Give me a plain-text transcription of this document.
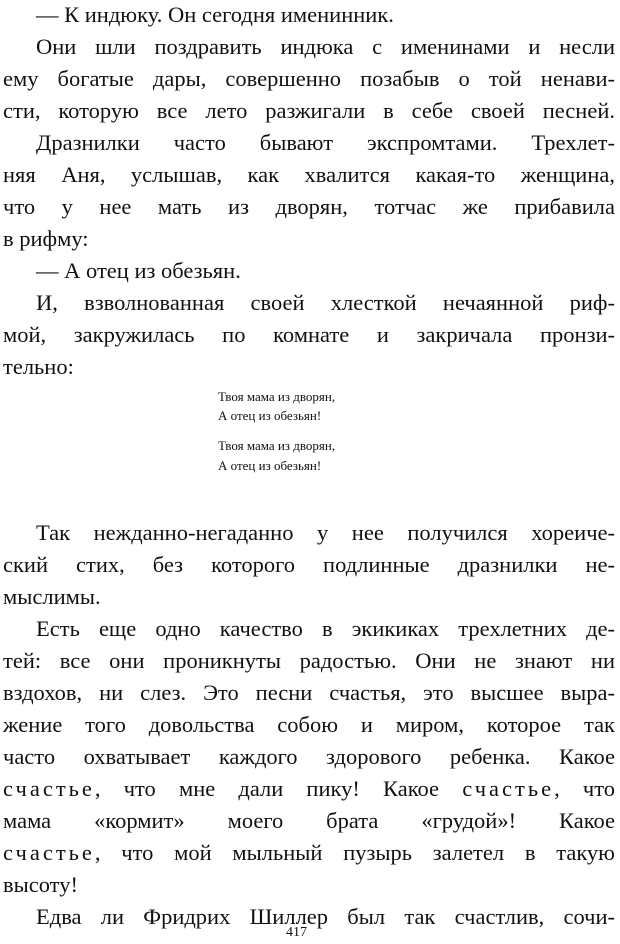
— К индюку. Он сегодня именинник.
Они шли поздравить индюка с именинами и несли
ему богатые дары, совершенно позабыв о той ненави-
сти, которую все лето разжигали в себе своей песней.
Дразнилки часто бывают экспромтами. Трехлет-
няя Аня, услышав, как хвалится какая-то женщина,
что у нее мать из дворян, тотчас же прибавила
в рифму:
— А отец из обезьян.
И, взволнованная своей хлесткой нечаянной риф-
мой, закружилась по комнате и закричала пронзи-
тельно:
Твоя мама из дворян,
А отец из обезьян!
Твоя мама из дворян,
А отец из обезьян!
Так нежданно-негаданно у нее получился хореиче-
ский стих, без которого подлинные дразнилки не-
мыслимы.
Есть еще одно качество в экикиках трехлетних де-
тей: все они проникнуты радостью. Они не знают ни
вздохов, ни слез. Это песни счастья, это высшее выра-
жение того довольства собою и миром, которое так
часто охватывает каждого здорового ребенка. Какое
счастье, что мне дали пику! Какое счастье, что
мама «кормит» моего брата «грудой»! Какое
счастье, что мой мыльный пузырь залетел в такую
высоту!
Едва ли Фридрих Шиллер был так счастлив, сочи-
417
